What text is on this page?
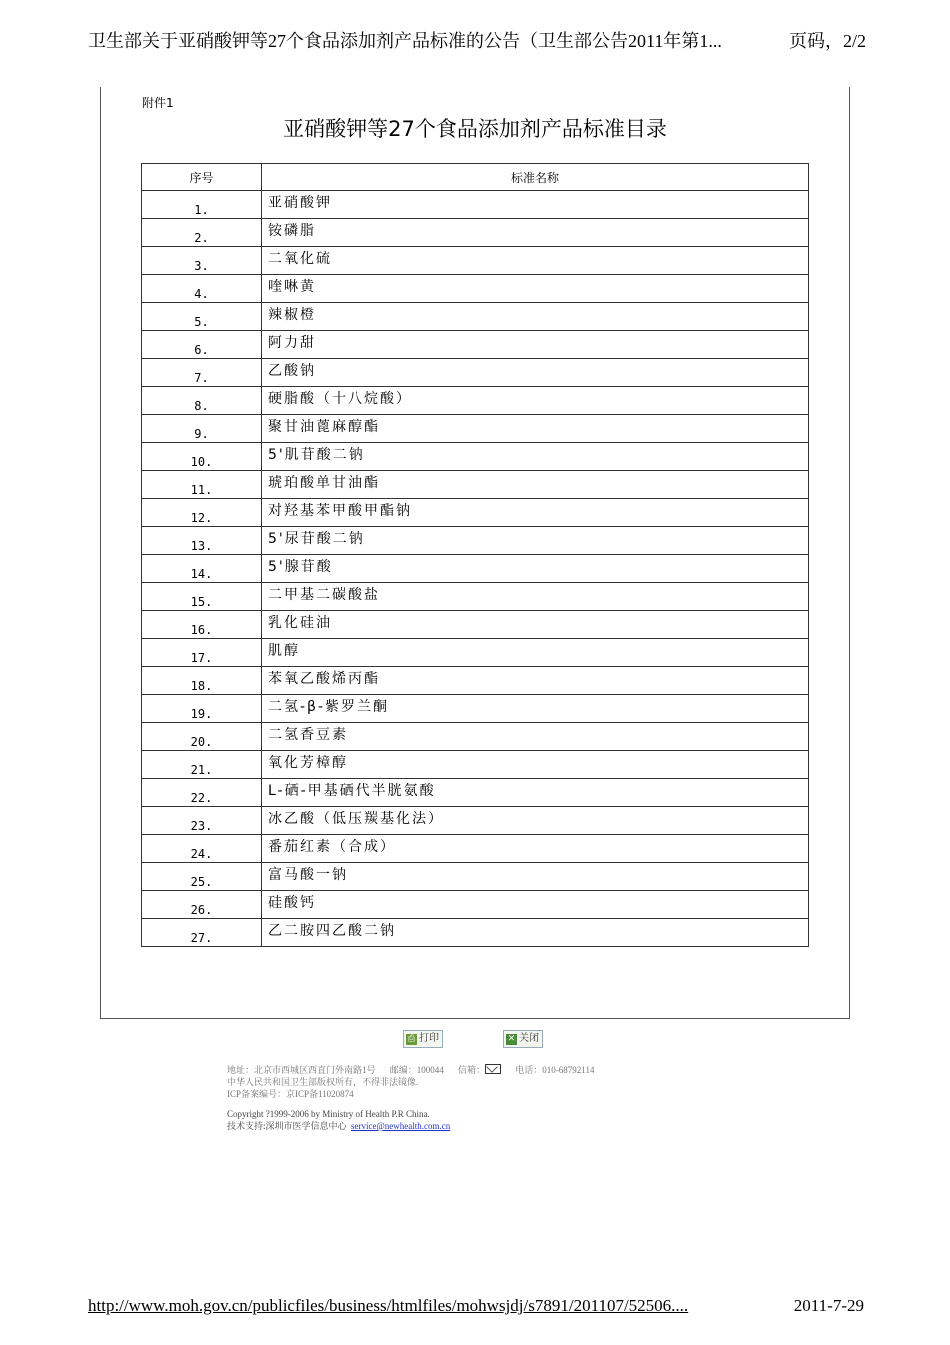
卫生部关于亚硝酸钾等27个食品添加剂产品标准的公告（卫生部公告2011年第1...	页码，2/2
附件1
亚硝酸钾等27个食品添加剂产品标准目录
序号	标准名称
1.	亚硝酸钾
2.	铵磷脂
3.	二氧化硫
4.	喹啉黄
5.	辣椒橙
6.	阿力甜
7.	乙酸钠
8.	硬脂酸（十八烷酸）
9.	聚甘油蓖麻醇酯
10.	5'肌苷酸二钠
11.	琥珀酸单甘油酯
12.	对羟基苯甲酸甲酯钠
13.	5'尿苷酸二钠
14.	5'腺苷酸
15.	二甲基二碳酸盐
16.	乳化硅油
17.	肌醇
18.	苯氧乙酸烯丙酯
19.	二氢-β-紫罗兰酮
20.	二氢香豆素
21.	氧化芳樟醇
22.	L-硒-甲基硒代半胱氨酸
23.	冰乙酸（低压羰基化法）
24.	番茄红素（合成）
25.	富马酸一钠
26.	硅酸钙
27.	乙二胺四乙酸二钠
⎙ 打印	✕ 关闭
地址：北京市西城区西直门外南路1号 邮编：100044 信箱：	电话：010-68792114
中华人民共和国卫生部版权所有，不得非法镜像.
ICP备案编号：京ICP备11020874
Copyright ?1999-2006 by Ministry of Health P.R China.
技术支持:深圳市医学信息中心 service@newhealth.com.cn
http://www.moh.gov.cn/publicfiles/business/htmlfiles/mohwsjdj/s7891/201107/52506....	2011-7-29
